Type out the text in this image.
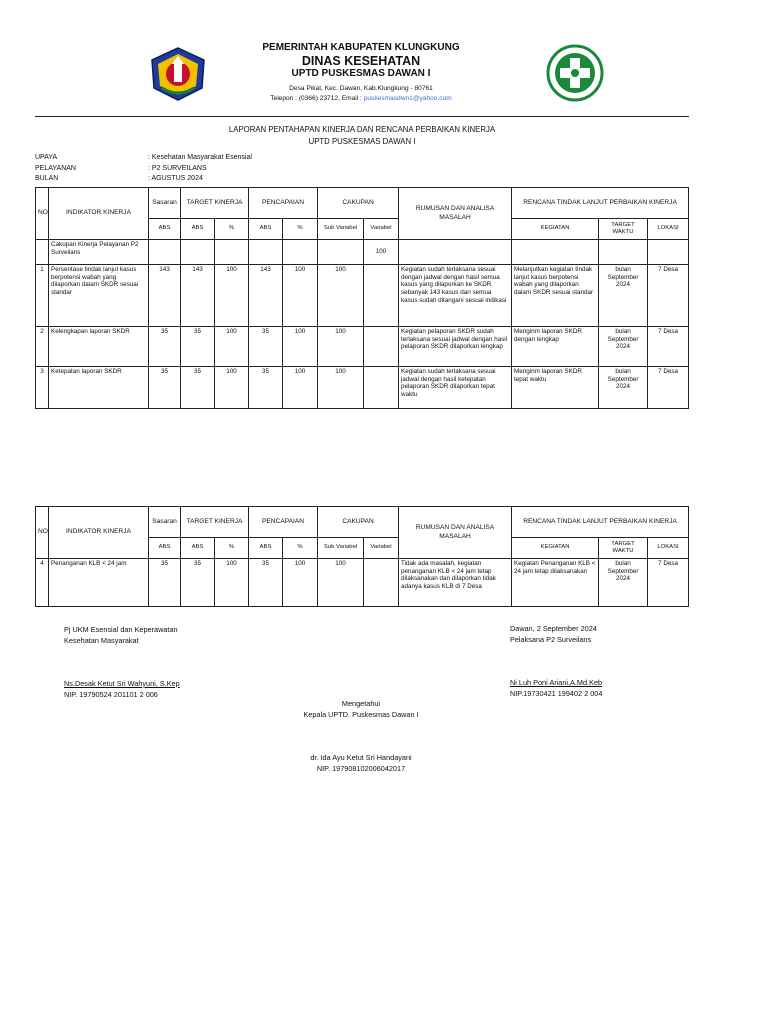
PEMERINTAH KABUPATEN KLUNGKUNG
DINAS KESEHATAN
UPTD PUSKESMAS DAWAN I
Desa Pikat, Kec. Dawan, Kab.Klungkung - 80761
Telepon : (0366) 23712, Email : puskesmasdwn1@yahoo.com
LAPORAN PENTAHAPAN KINERJA DAN RENCANA PERBAIKAN KINERJA
UPTD PUSKESMAS DAWAN I
UPAYA	: Kesehatan Masyarakat Esensial
PELAYANAN	: P2 SURVEILANS
BULAN	: AGUSTUS 2024
NO	INDIKATOR KINERJA	Sasaran	TARGET KINERJA		PENCAPAIAN		CAKUPAN		RUMUSAN DAN ANALISA MASALAH	RENCANA TINDAK LANJUT PERBAIKAN KINERJA		
		ABS	ABS	%	ABS	%	Sub Variabel	Variabel		KEGIATAN	TARGET WAKTU	LOKASI
	Cakupan Kinerja Pelayanan P2 Surveilans							100				
1	Persentase tindak lanjut kasus berpotensi wabah yang dilaporkan dalam SKDR sesuai standar	143	143	100	143	100	100		Kegiatan sudah terlaksana sesuai dengan jadwal dengan hasil semua kasus yang dilaporkan ke SKDR sebanyak 143 kasus dan semua kasus sudah ditangani sesuai indikasi	Melanjutkan kegiatan tindak lanjut kasus berpotensi wabah yang dilaporkan dalam SKDR sesuai standar	bulan September 2024	7 Desa
2	Kelengkapan laporan SKDR	35	35	100	35	100	100		Kegiatan pelaporan SKDR sudah terlaksana sesuai jadwal dengan hasil pelaporan SKDR dilaporkan lengkap	Mengirim laporan SKDR dengan lengkap	bulan September 2024	7 Desa
3	Ketepatan laporan SKDR	35	35	100	35	100	100		Kegiatan sudah terlaksana sesuai jadwal dengan hasil ketepatan pelaporan SKDR dilaporkan tepat waktu	Mengirim laporan SKDR tepat waktu	bulan September 2024	7 Desa
NO	INDIKATOR KINERJA	Sasaran	TARGET KINERJA		PENCAPAIAN		CAKUPAN		RUMUSAN DAN ANALISA MASALAH	RENCANA TINDAK LANJUT PERBAIKAN KINERJA		
		ABS	ABS	%	ABS	%	Sub Variabel	Variabel		KEGIATAN	TARGET WAKTU	LOKASI
4	Penanganan KLB < 24 jam	35	35	100	35	100	100		Tidak ada masalah, kegiatan penanganan KLB < 24 jam tetap dilaksanakan dan dilaporkan tidak adanya kasus KLB di 7 Desa	Kegiatan Penanganan KLB < 24 jam tetap dilaksanakan	bulan September 2024	7 Desa
Pj UKM Esensial dan Keperawatan
Kesehatan Masyarakat
Ns.Desak Ketut Sri Wahyuni, S.Kep
NIP. 19790524 201101 2 006
Dawan, 2 September 2024
Pelaksana P2 Surveilans
Ni Luh Poni Ariani,A.Md.Keb
NIP.19730421 199402 2 004
Mengetahui
Kepala UPTD. Puskesmas Dawan I
dr. Ida Ayu Ketut Sri Handayani
NIP. 197908102006042017
